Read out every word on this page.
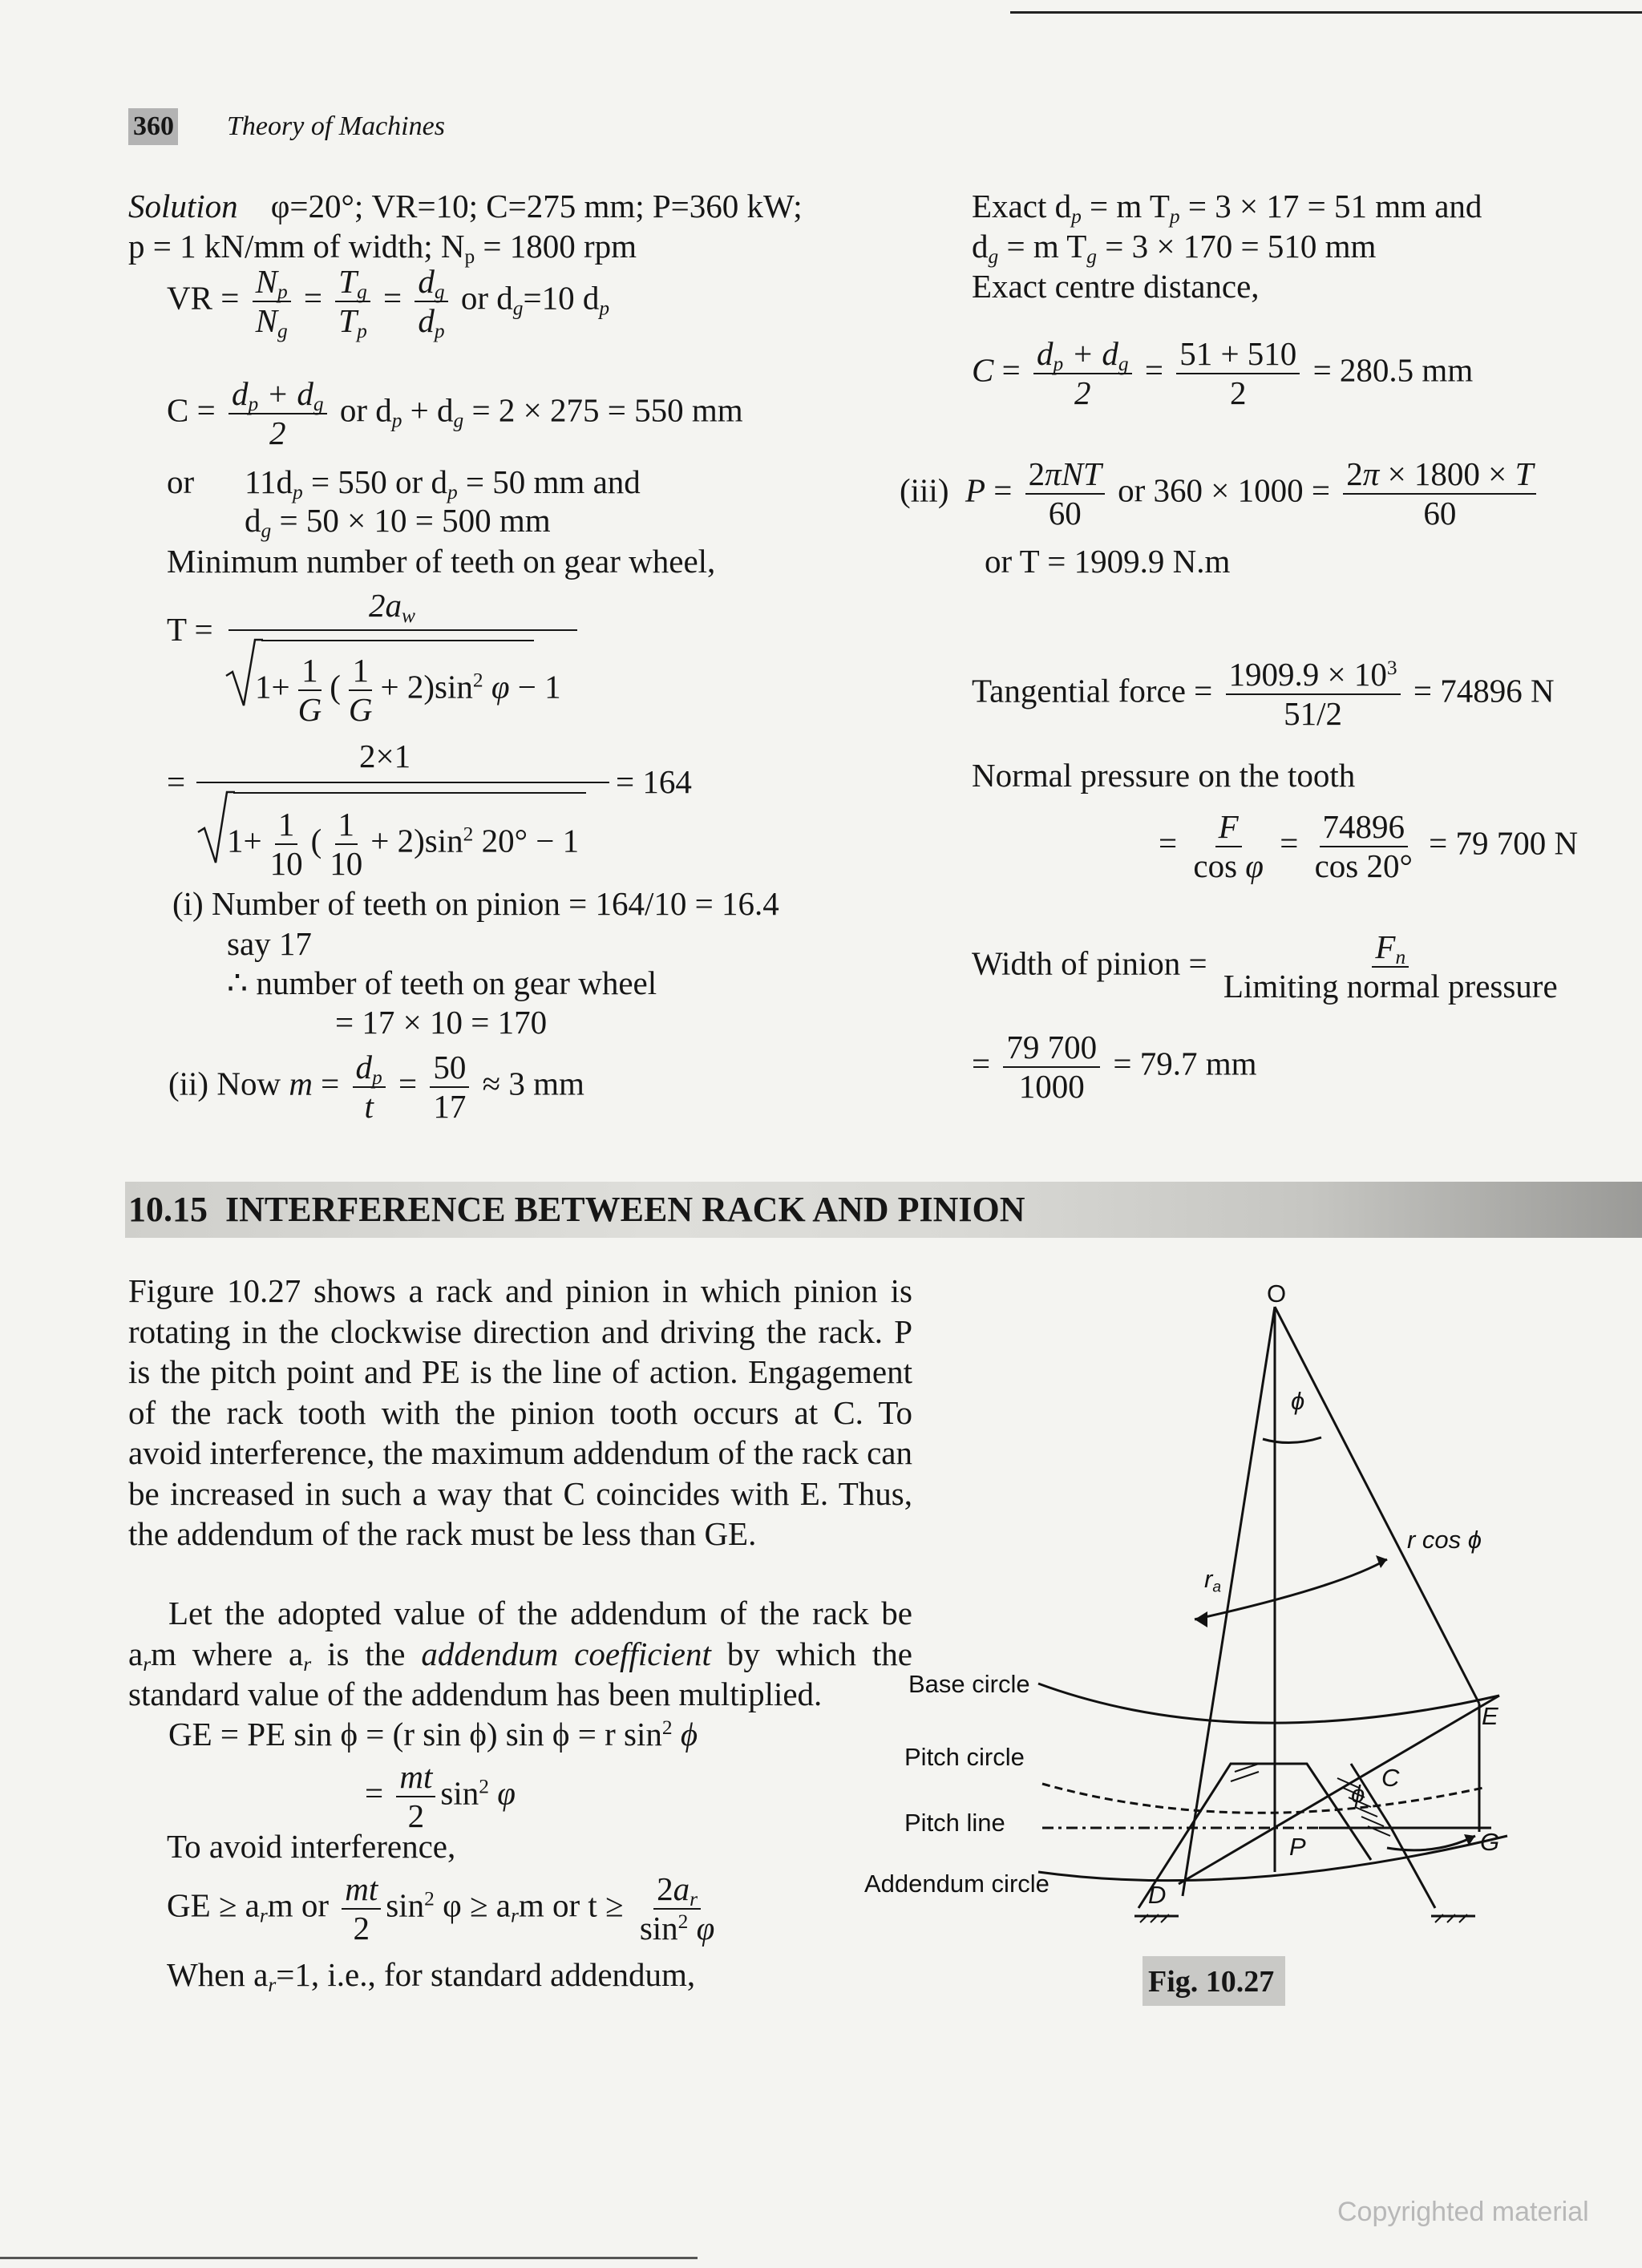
360 Theory of Machines
Solution φ=20°; VR=10; C=275 mm; P=360 kW;
p = 1 kN/mm of width; $N_p = 1800$ rpm
VR = $\frac{N_p}{N_g} = \frac{T_g}{T_p} = \frac{d_g}{d_p}$ or $d_g=10$ $d_p$
$C = \frac{d_p + d_g}{2}$ or $d_p + d_g = 2 \times 275 = 550$ mm
or $11d_p = 550$ or $d_p = 50$ mm and
$d_g = 50 \times 10 = 500$ mm
Minimum number of teeth on gear wheel,
T =
$2a_w$
$1+ \frac{1}{G}$ ( $\frac{1}{G} + 2)\sin^2$ φ − 1
=
2×1
= 164
$1+ \frac{1}{10}$ ( $\frac{1}{10} + 2)\sin^2$ 20° − 1
(i) Number of teeth on pinion = 164/10 = 16.4
say 17
∴ number of teeth on gear wheel
= 17 × 10 = 170
(ii) Now $m = \frac{d_p}{t} = \frac{50}{17} \approx 3$ mm
Exact $d_p = m$ $T_p = 3 \times 17 = 51$ mm and
$d_g = m$ $T_g = 3 \times 170 = 510$ mm
Exact centre distance,
$C = \frac{d_p + d_g}{2} = \frac{51 + 510}{2} = 280.5$ mm
(iii) $P = \frac{\text{2πNT}}{60}$ or $360 \times 1000 = \frac{2\pi \times 1800 \times T}{60}$
or T = 1909.9 N.m
Tangential force = $\frac{1909.9 \times 10^3}{51/2} = 74896$ N
Normal pressure on the tooth
= $\frac{F}{\text{cos φ}} = \frac{74896}{\cos 20^\circ} = 79$ 700 N
Width of pinion = $\frac{F_n}{\text{Limiting normal pressure}}$
= $\frac{79 700}{1000} = 79.7$ mm
10.15 INTERFERENCE BETWEEN RACK AND PINION
Figure 10.27 shows a rack and pinion in which pinion is rotating in the clockwise direction and driving the rack. P is the pitch point and PE is the line of action. Engagement of the rack tooth with the pinion tooth occurs at C. To avoid interference, the maximum addendum of the rack can be increased in such a way that C coincides with E. Thus, the addendum of the rack must be less than GE.
Let the adopted value of the addendum of the rack be $a_rm$ where $a_r$ is the addendum coefficient by which the standard value of the addendum has been multiplied.
GE = PE sin ϕ = (r sin ϕ) sin ϕ = r $\sin^2 \phi$
= $\frac{mt}{2} \sin^2 \varphi$
To avoid interference,
GE ≥ $a_rm$ or $\frac{mt}{2} \sin^2 \varphi \ge a_rm$ or $t \ge \frac{2a_r}{\sin^2 \varphi}$
When $a_r=1$, i.e., for standard addendum,
O
ϕ
r cos ϕ
$r_a$
Base circle
Pitch circle
Pitch line
Addendum circle
E
C
ϕ
P	G
D
Fig. 10.27
Copyrighted material
